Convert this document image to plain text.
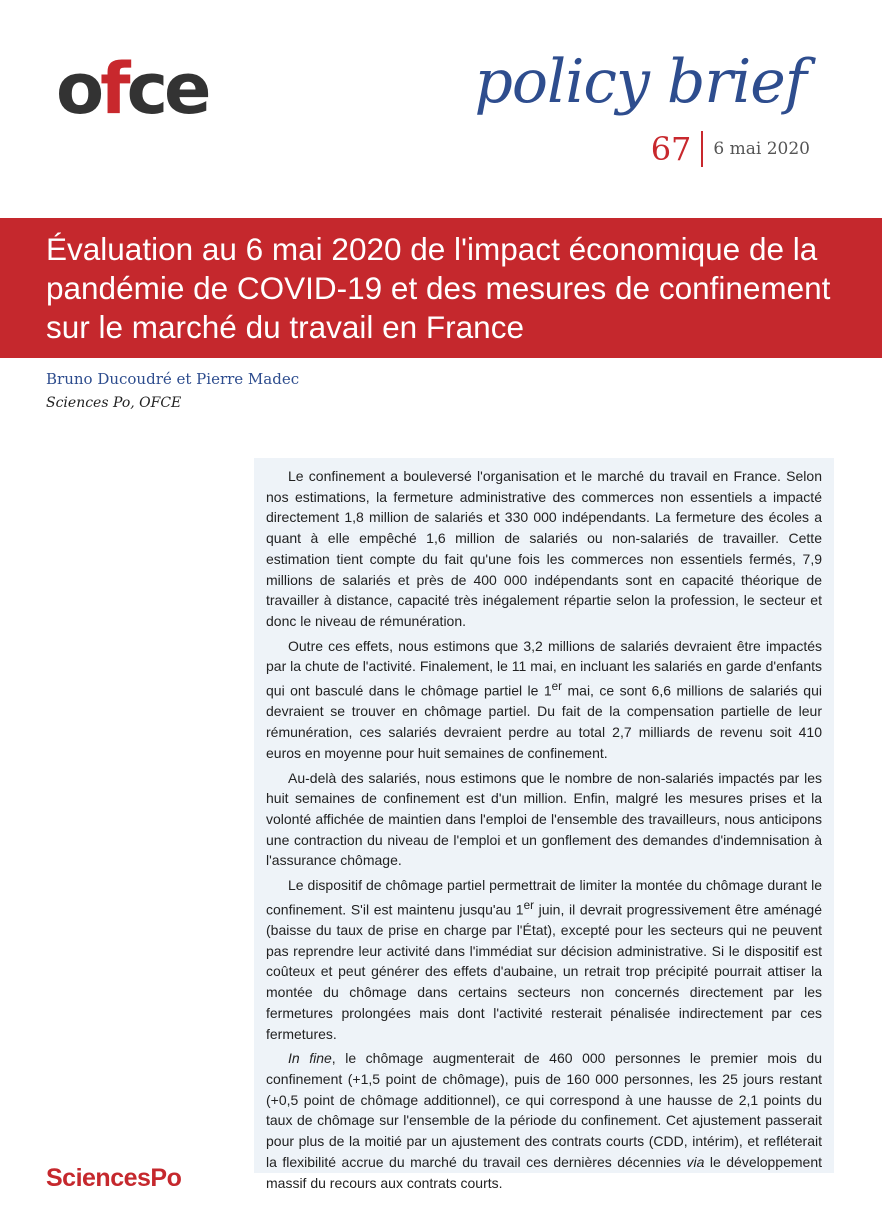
ofce	policy brief
67	6 mai 2020
Évaluation au 6 mai 2020 de l'impact économique de la pandémie de COVID-19 et des mesures de confinement sur le marché du travail en France
Bruno Ducoudré et Pierre Madec
Sciences Po, OFCE

Le confinement a bouleversé l'organisation et le marché du travail en France. Selon nos estimations, la fermeture administrative des commerces non essentiels a impacté directement 1,8 million de salariés et 330 000 indépendants. La fermeture des écoles a quant à elle empêché 1,6 million de salariés ou non-salariés de travailler. Cette estimation tient compte du fait qu'une fois les commerces non essentiels fermés, 7,9 millions de salariés et près de 400 000 indépendants sont en capacité théorique de travailler à distance, capacité très inégalement répartie selon la profession, le secteur et donc le niveau de rémunération.

Outre ces effets, nous estimons que 3,2 millions de salariés devraient être impactés par la chute de l'activité. Finalement, le 11 mai, en incluant les salariés en garde d'enfants qui ont basculé dans le chômage partiel le 1er mai, ce sont 6,6 millions de salariés qui devraient se trouver en chômage partiel. Du fait de la compensation partielle de leur rémunération, ces salariés devraient perdre au total 2,7 milliards de revenu soit 410 euros en moyenne pour huit semaines de confinement.

Au-delà des salariés, nous estimons que le nombre de non-salariés impactés par les huit semaines de confinement est d'un million. Enfin, malgré les mesures prises et la volonté affichée de maintien dans l'emploi de l'ensemble des travailleurs, nous anticipons une contraction du niveau de l'emploi et un gonflement des demandes d'indemnisation à l'assurance chômage.

Le dispositif de chômage partiel permettrait de limiter la montée du chômage durant le confinement. S'il est maintenu jusqu'au 1er juin, il devrait progressivement être aménagé (baisse du taux de prise en charge par l'État), excepté pour les secteurs qui ne peuvent pas reprendre leur activité dans l'immédiat sur décision administrative. Si le dispositif est coûteux et peut générer des effets d'aubaine, un retrait trop précipité pourrait attiser la montée du chômage dans certains secteurs non concernés directement par les fermetures prolongées mais dont l'activité resterait pénalisée indirectement par ces fermetures.

In fine, le chômage augmenterait de 460 000 personnes le premier mois du confinement (+1,5 point de chômage), puis de 160 000 personnes, les 25 jours restant (+0,5 point de chômage additionnel), ce qui correspond à une hausse de 2,1 points du taux de chômage sur l'ensemble de la période du confinement. Cet ajustement passerait pour plus de la moitié par un ajustement des contrats courts (CDD, intérim), et refléterait la flexibilité accrue du marché du travail ces dernières décennies via le développement massif du recours aux contrats courts.

SciencesPo
